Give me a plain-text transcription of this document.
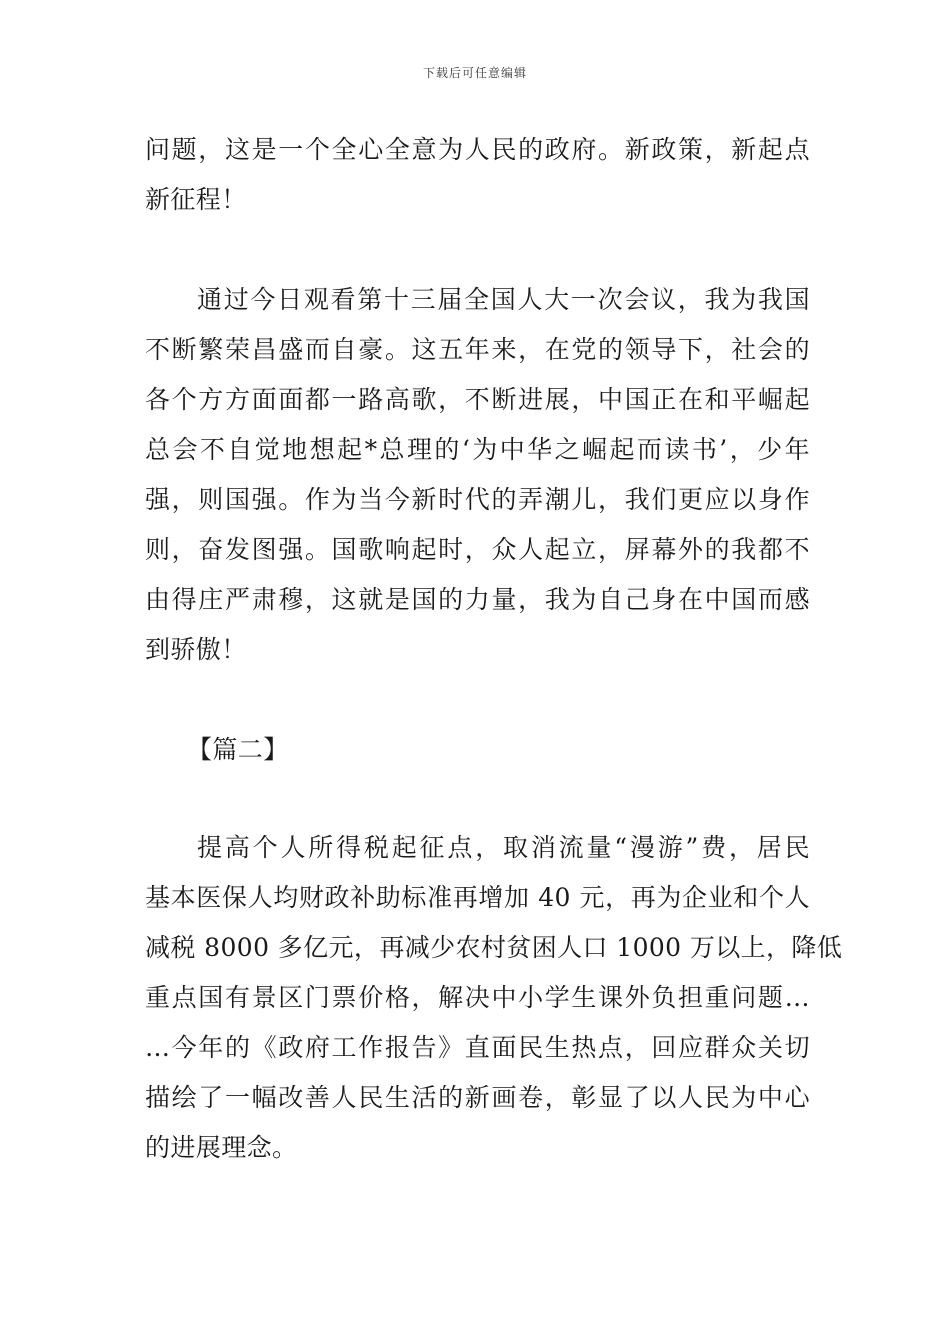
下载后可任意编辑
问题，这是一个全心全意为人民的政府。新政策，新起点
新征程！
通过今日观看第十三届全国人大一次会议，我为我国
不断繁荣昌盛而自豪。这五年来，在党的领导下，社会的
各个方方面面都一路高歌，不断进展，中国正在和平崛起
总会不自觉地想起*总理的‘为中华之崛起而读书’，少年
强，则国强。作为当今新时代的弄潮儿，我们更应以身作
则，奋发图强。国歌响起时，众人起立，屏幕外的我都不
由得庄严肃穆，这就是国的力量，我为自己身在中国而感
到骄傲！
【篇二】
提高个人所得税起征点，取消流量“漫游”费，居民
基本医保人均财政补助标准再增加 40 元，再为企业和个人
减税 8000 多亿元，再减少农村贫困人口 1000 万以上，降低
重点国有景区门票价格，解决中小学生课外负担重问题…
…今年的《政府工作报告》直面民生热点，回应群众关切
描绘了一幅改善人民生活的新画卷，彰显了以人民为中心
的进展理念。
